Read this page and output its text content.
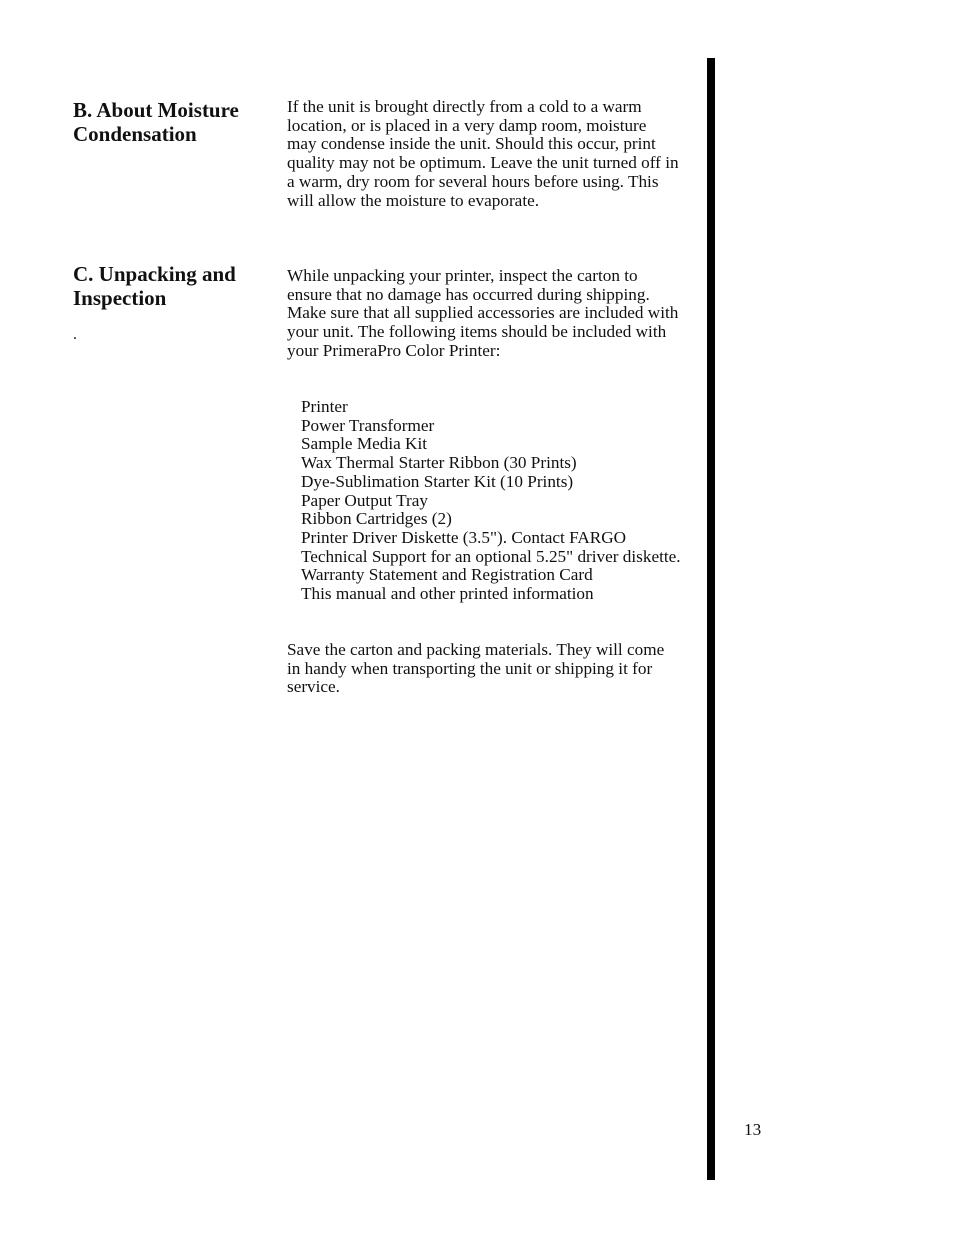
B. About Moisture Condensation

If the unit is brought directly from a cold to a warm location, or is placed in a very damp room, moisture may condense inside the unit. Should this occur, print quality may not be optimum. Leave the unit turned off in a warm, dry room for several hours before using. This will allow the moisture to evaporate.

C. Unpacking and Inspection
.

While unpacking your printer, inspect the carton to ensure that no damage has occurred during shipping. Make sure that all supplied accessories are included with your unit. The following items should be included with your PrimeraPro Color Printer:

Printer
Power Transformer
Sample Media Kit
Wax Thermal Starter Ribbon (30 Prints)
Dye-Sublimation Starter Kit (10 Prints)
Paper Output Tray
Ribbon Cartridges (2)
Printer Driver Diskette (3.5"). Contact FARGO Technical Support for an optional 5.25" driver diskette.
Warranty Statement and Registration Card
This manual and other printed information

Save the carton and packing materials. They will come in handy when transporting the unit or shipping it for service.

13
